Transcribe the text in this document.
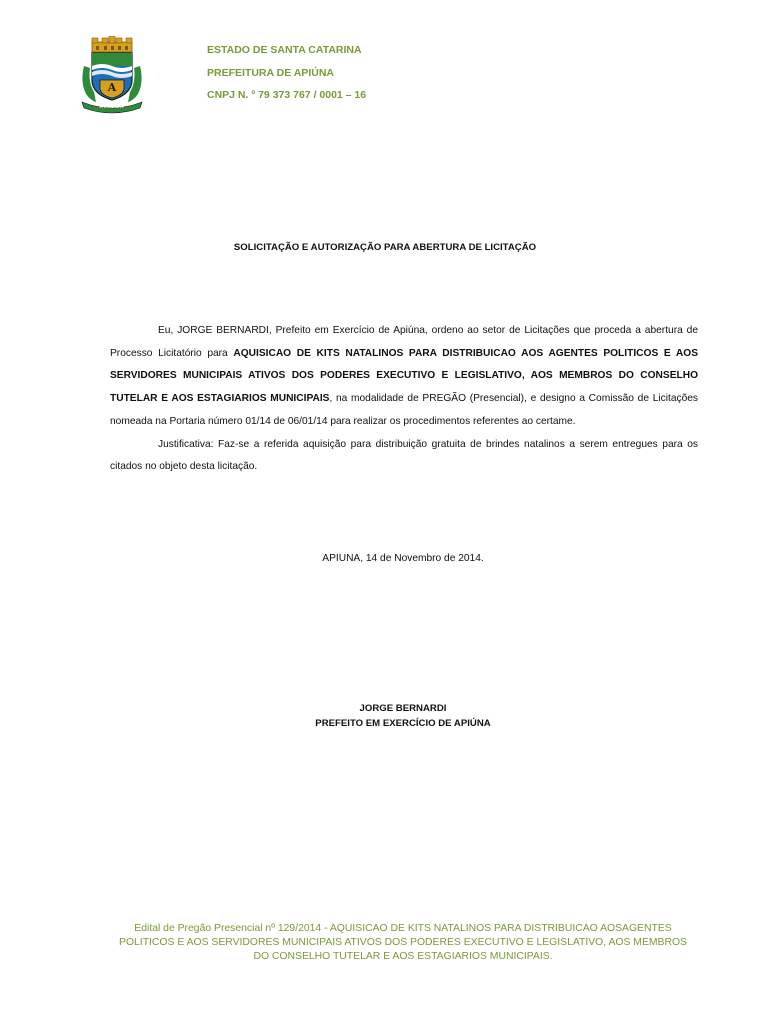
A
APIÚNA
ESTADO DE SANTA CATARINA
PREFEITURA DE APIÚNA
CNPJ N. º 79 373 767 / 0001 – 16
SOLICITAÇÃO E AUTORIZAÇÃO PARA ABERTURA DE LICITAÇÃO

Eu, JORGE BERNARDI, Prefeito em Exercício de Apiúna, ordeno ao setor de Licitações que proceda a abertura de Processo Licitatório para AQUISICAO DE KITS NATALINOS PARA DISTRIBUICAO AOS AGENTES POLITICOS E AOS SERVIDORES MUNICIPAIS ATIVOS DOS PODERES EXECUTIVO E LEGISLATIVO, AOS MEMBROS DO CONSELHO TUTELAR E AOS ESTAGIARIOS MUNICIPAIS, na modalidade de PREGÃO (Presencial), e designo a Comissão de Licitações nomeada na Portaria número 01/14 de 06/01/14 para realizar os procedimentos referentes ao certame.

Justificativa: Faz-se a referida aquisição para distribuição gratuita de brindes natalinos a serem entregues para os citados no objeto desta licitação.

APIUNA, 14 de Novembro de 2014.
JORGE BERNARDI
PREFEITO EM EXERCÍCIO DE APIÚNA
Edital de Pregão Presencial nº 129/2014 - AQUISICAO DE KITS NATALINOS PARA DISTRIBUICAO AOSAGENTES
POLITICOS E AOS SERVIDORES MUNICIPAIS ATIVOS DOS PODERES EXECUTIVO E LEGISLATIVO, AOS MEMBROS
DO CONSELHO TUTELAR E AOS ESTAGIARIOS MUNICIPAIS.
